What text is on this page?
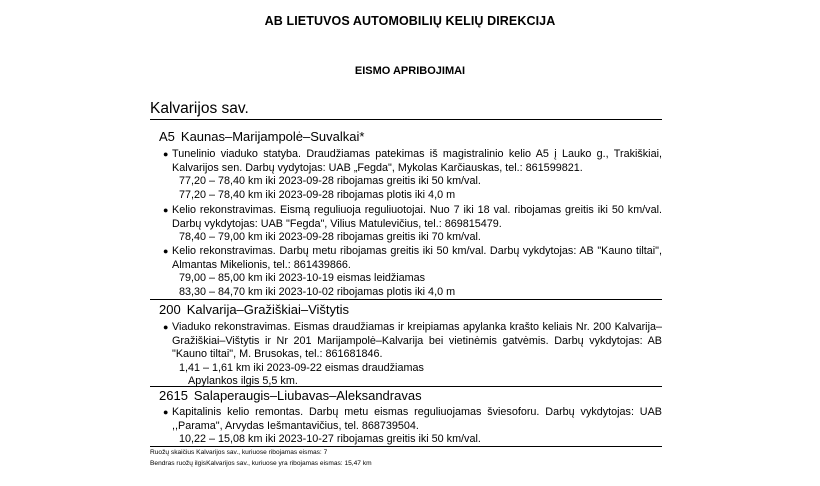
AB LIETUVOS AUTOMOBILIŲ KELIŲ DIREKCIJA
EISMO APRIBOJIMAI
Kalvarijos sav.
A5 Kaunas–Marijampolė–Suvalkai*
● Tunelinio viaduko statyba. Draudžiamas patekimas iš magistralinio kelio A5 į Lauko g., Trakiškiai, Kalvarijos sen. Darbų vydytojas: UAB „Fegda", Mykolas Karčiauskas, tel.: 861599821.
77,20 – 78,40 km iki 2023-09-28 ribojamas greitis iki 50 km/val.
77,20 – 78,40 km iki 2023-09-28 ribojamas plotis iki 4,0 m
● Kelio rekonstravimas. Eismą reguliuoja reguliuotojai. Nuo 7 iki 18 val. ribojamas greitis iki 50 km/val. Darbų vykdytojas: UAB "Fegda", Vilius Matulevičius, tel.: 869815479.
78,40 – 79,00 km iki 2023-09-28 ribojamas greitis iki 70 km/val.
● Kelio rekonstravimas. Darbų metu ribojamas greitis iki 50 km/val. Darbų vykdytojas: AB "Kauno tiltai", Almantas Mikelionis, tel.: 861439866.
79,00 – 85,00 km iki 2023-10-19 eismas leidžiamas
83,30 – 84,70 km iki 2023-10-02 ribojamas plotis iki 4,0 m
200 Kalvarija–Gražiškiai–Vištytis
● Viaduko rekonstravimas. Eismas draudžiamas ir kreipiamas apylanka krašto keliais Nr. 200 Kalvarija–Gražiškiai–Vištytis ir Nr 201 Marijampolė–Kalvarija bei vietinėmis gatvėmis. Darbų vykdytojas: AB "Kauno tiltai", M. Brusokas, tel.: 861681846.
1,41 – 1,61 km iki 2023-09-22 eismas draudžiamas
Apylankos ilgis 5,5 km.
2615 Salaperaugis–Liubavas–Aleksandravas
● Kapitalinis kelio remontas. Darbų metu eismas reguliuojamas šviesoforu. Darbų vykdytojas: UAB ,,Parama", Arvydas Iešmantavičius, tel. 868739504.
10,22 – 15,08 km iki 2023-10-27 ribojamas greitis iki 50 km/val.
Ruožų skaičius Kalvarijos sav., kuriuose ribojamas eismas: 7
Bendras ruožų ilgisKalvarijos sav., kuriuose yra ribojamas eismas: 15,47 km
